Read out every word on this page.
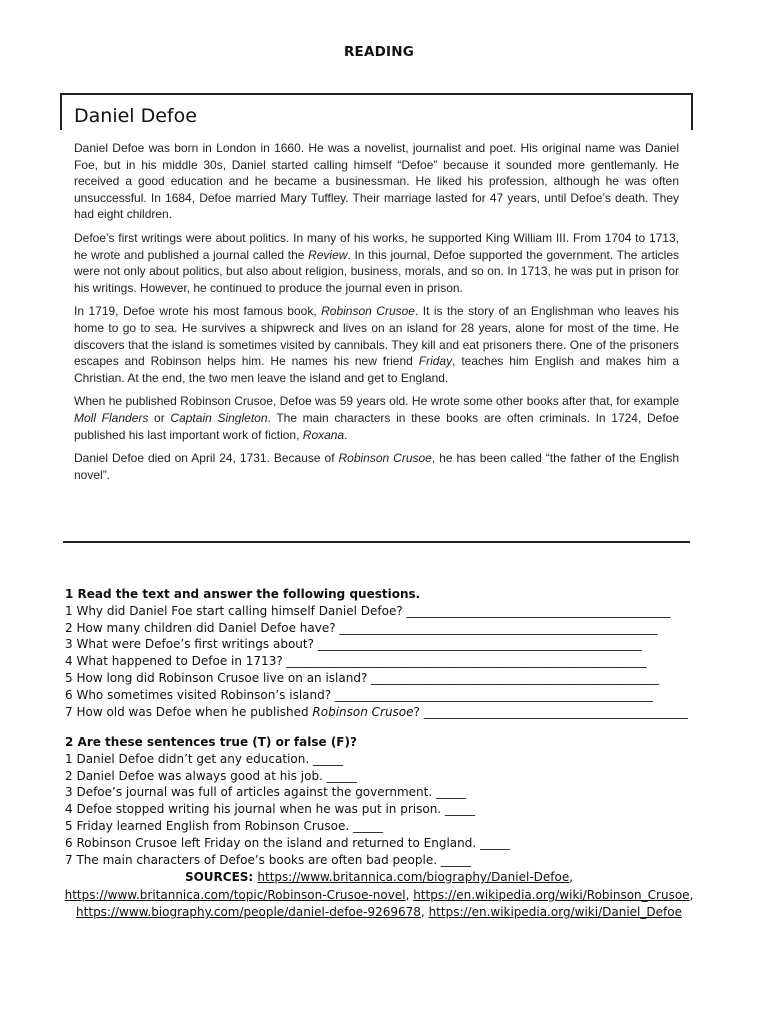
READING
Daniel Defoe

Daniel Defoe was born in London in 1660. He was a novelist, journalist and poet. His original name was Daniel Foe, but in his middle 30s, Daniel started calling himself “Defoe” because it sounded more gentlemanly. He received a good education and he became a businessman. He liked his profession, although he was often unsuccessful. In 1684, Defoe married Mary Tuffley. Their marriage lasted for 47 years, until Defoe’s death. They had eight children.

Defoe’s first writings were about politics. In many of his works, he supported King William III. From 1704 to 1713, he wrote and published a journal called the Review. In this journal, Defoe supported the government. The articles were not only about politics, but also about religion, business, morals, and so on. In 1713, he was put in prison for his writings. However, he continued to produce the journal even in prison.

In 1719, Defoe wrote his most famous book, Robinson Crusoe. It is the story of an Englishman who leaves his home to go to sea. He survives a shipwreck and lives on an island for 28 years, alone for most of the time. He discovers that the island is sometimes visited by cannibals. They kill and eat prisoners there. One of the prisoners escapes and Robinson helps him. He names his new friend Friday, teaches him English and makes him a Christian. At the end, the two men leave the island and get to England.

When he published Robinson Crusoe, Defoe was 59 years old. He wrote some other books after that, for example Moll Flanders or Captain Singleton. The main characters in these books are often criminals. In 1724, Defoe published his last important work of fiction, Roxana.

Daniel Defoe died on April 24, 1731. Because of Robinson Crusoe, he has been called “the father of the English novel”.

1 Read the text and answer the following questions.
1 Why did Daniel Foe start calling himself Daniel Defoe? ____________________________________________
2 How many children did Daniel Defoe have? _____________________________________________________
3 What were Defoe’s first writings about? ______________________________________________________
4 What happened to Defoe in 1713? ____________________________________________________________
5 How long did Robinson Crusoe live on an island? ________________________________________________
6 Who sometimes visited Robinson’s island? _____________________________________________________
7 How old was Defoe when he published Robinson Crusoe? ____________________________________________
2 Are these sentences true (T) or false (F)?
1 Daniel Defoe didn’t get any education. _____
2 Daniel Defoe was always good at his job. _____
3 Defoe’s journal was full of articles against the government. _____
4 Defoe stopped writing his journal when he was put in prison. _____
5 Friday learned English from Robinson Crusoe. _____
6 Robinson Crusoe left Friday on the island and returned to England. _____
7 The main characters of Defoe’s books are often bad people. _____
SOURCES: https://www.britannica.com/biography/Daniel-Defoe,
https://www.britannica.com/topic/Robinson-Crusoe-novel, https://en.wikipedia.org/wiki/Robinson_Crusoe,
https://www.biography.com/people/daniel-defoe-9269678, https://en.wikipedia.org/wiki/Daniel_Defoe
